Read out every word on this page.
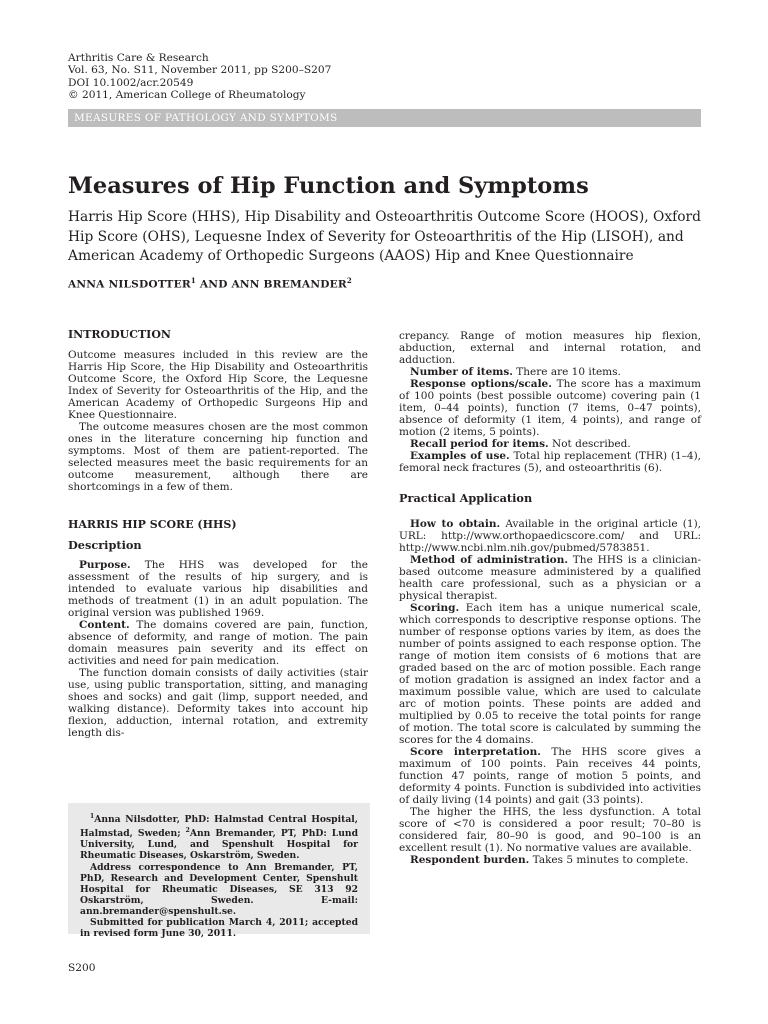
Arthritis Care & Research
Vol. 63, No. S11, November 2011, pp S200–S207
DOI 10.1002/acr.20549
© 2011, American College of Rheumatology
MEASURES OF PATHOLOGY AND SYMPTOMS
Measures of Hip Function and Symptoms
Harris Hip Score (HHS), Hip Disability and Osteoarthritis Outcome Score (HOOS), Oxford
Hip Score (OHS), Lequesne Index of Severity for Osteoarthritis of the Hip (LISOH), and
American Academy of Orthopedic Surgeons (AAOS) Hip and Knee Questionnaire
ANNA NILSDOTTER$^1$ AND ANN BREMANDER$^2$
INTRODUCTION

Outcome measures included in this review are the Harris Hip Score, the Hip Disability and Osteoarthritis Outcome Score, the Oxford Hip Score, the Lequesne Index of Severity for Osteoarthritis of the Hip, and the American Academy of Orthopedic Surgeons Hip and Knee Questionnaire.

The outcome measures chosen are the most common ones in the literature concerning hip function and symptoms. Most of them are patient-reported. The selected measures meet the basic requirements for an outcome measurement, although there are shortcomings in a few of them.

HARRIS HIP SCORE (HHS)
Description

Purpose. The HHS was developed for the assessment of the results of hip surgery, and is intended to evaluate various hip disabilities and methods of treatment (1) in an adult population. The original version was published 1969.

Content. The domains covered are pain, function, absence of deformity, and range of motion. The pain domain measures pain severity and its effect on activities and need for pain medication.

The function domain consists of daily activities (stair use, using public transportation, sitting, and managing shoes and socks) and gait (limp, support needed, and walking distance). Deformity takes into account hip flexion, adduction, internal rotation, and extremity length dis-

$^1$Anna Nilsdotter, PhD: Halmstad Central Hospital, Halmstad, Sweden; $^2$Ann Bremander, PT, PhD: Lund University, Lund, and Spenshult Hospital for Rheumatic Diseases, Oskarström, Sweden.

Address correspondence to Ann Bremander, PT, PhD, Research and Development Center, Spenshult Hospital for Rheumatic Diseases, SE 313 92 Oskarström, Sweden. E-mail: ann.bremander@spenshult.se.

Submitted for publication March 4, 2011; accepted in revised form June 30, 2011.

crepancy. Range of motion measures hip flexion, abduction, external and internal rotation, and adduction.

Number of items. There are 10 items.

Response options/scale. The score has a maximum of 100 points (best possible outcome) covering pain (1 item, 0–44 points), function (7 items, 0–47 points), absence of deformity (1 item, 4 points), and range of motion (2 items, 5 points).

Recall period for items. Not described.

Examples of use. Total hip replacement (THR) (1–4), femoral neck fractures (5), and osteoarthritis (6).

Practical Application

How to obtain. Available in the original article (1), URL: http://www.orthopaedicscore.com/ and URL: http://www.ncbi.nlm.nih.gov/pubmed/5783851.

Method of administration. The HHS is a clinician-based outcome measure administered by a qualified health care professional, such as a physician or a physical therapist.

Scoring. Each item has a unique numerical scale, which corresponds to descriptive response options. The number of response options varies by item, as does the number of points assigned to each response option. The range of motion item consists of 6 motions that are graded based on the arc of motion possible. Each range of motion gradation is assigned an index factor and a maximum possible value, which are used to calculate arc of motion points. These points are added and multiplied by 0.05 to receive the total points for range of motion. The total score is calculated by summing the scores for the 4 domains.

Score interpretation. The HHS score gives a maximum of 100 points. Pain receives 44 points, function 47 points, range of motion 5 points, and deformity 4 points. Function is subdivided into activities of daily living (14 points) and gait (33 points).

The higher the HHS, the less dysfunction. A total score of <70 is considered a poor result; 70–80 is considered fair, 80–90 is good, and 90–100 is an excellent result (1). No normative values are available.

Respondent burden. Takes 5 minutes to complete.

S200
